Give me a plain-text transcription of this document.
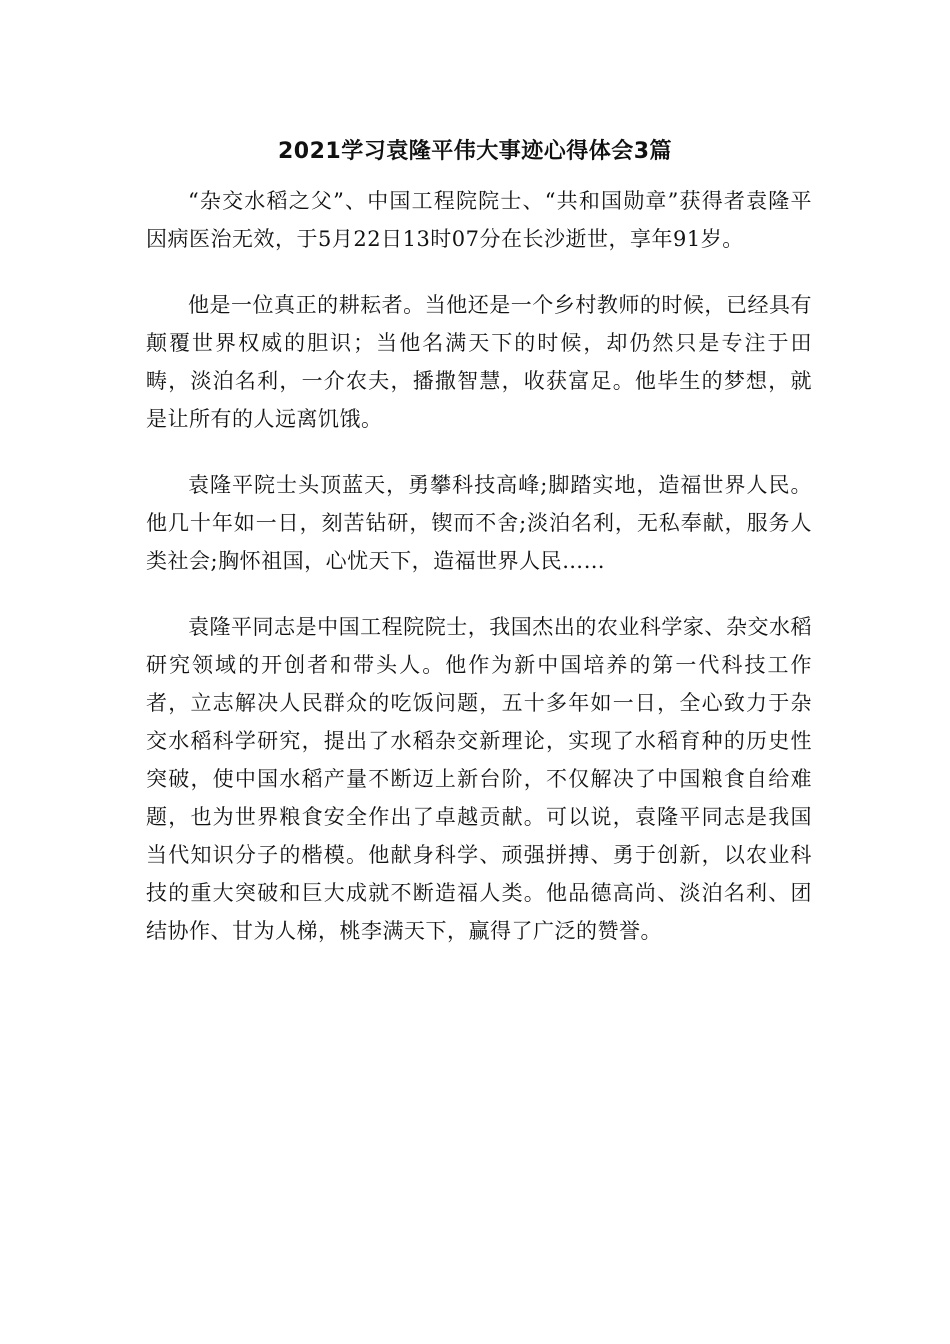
2021学习袁隆平伟大事迹心得体会3篇

“杂交水稻之父”、中国工程院院士、“共和国勋章”获得者袁隆平因病医治无效，于5月22日13时07分在长沙逝世，享年91岁。

他是一位真正的耕耘者。当他还是一个乡村教师的时候，已经具有颠覆世界权威的胆识；当他名满天下的时候，却仍然只是专注于田畴，淡泊名利，一介农夫，播撒智慧，收获富足。他毕生的梦想，就是让所有的人远离饥饿。

袁隆平院士头顶蓝天，勇攀科技高峰;脚踏实地，造福世界人民。他几十年如一日，刻苦钻研，锲而不舍;淡泊名利，无私奉献，服务人类社会;胸怀祖国，心忧天下，造福世界人民……

袁隆平同志是中国工程院院士，我国杰出的农业科学家、杂交水稻研究领域的开创者和带头人。他作为新中国培养的第一代科技工作者，立志解决人民群众的吃饭问题，五十多年如一日，全心致力于杂交水稻科学研究，提出了水稻杂交新理论，实现了水稻育种的历史性突破，使中国水稻产量不断迈上新台阶，不仅解决了中国粮食自给难题，也为世界粮食安全作出了卓越贡献。可以说，袁隆平同志是我国当代知识分子的楷模。他献身科学、顽强拼搏、勇于创新，以农业科技的重大突破和巨大成就不断造福人类。他品德高尚、淡泊名利、团结协作、甘为人梯，桃李满天下，赢得了广泛的赞誉。
